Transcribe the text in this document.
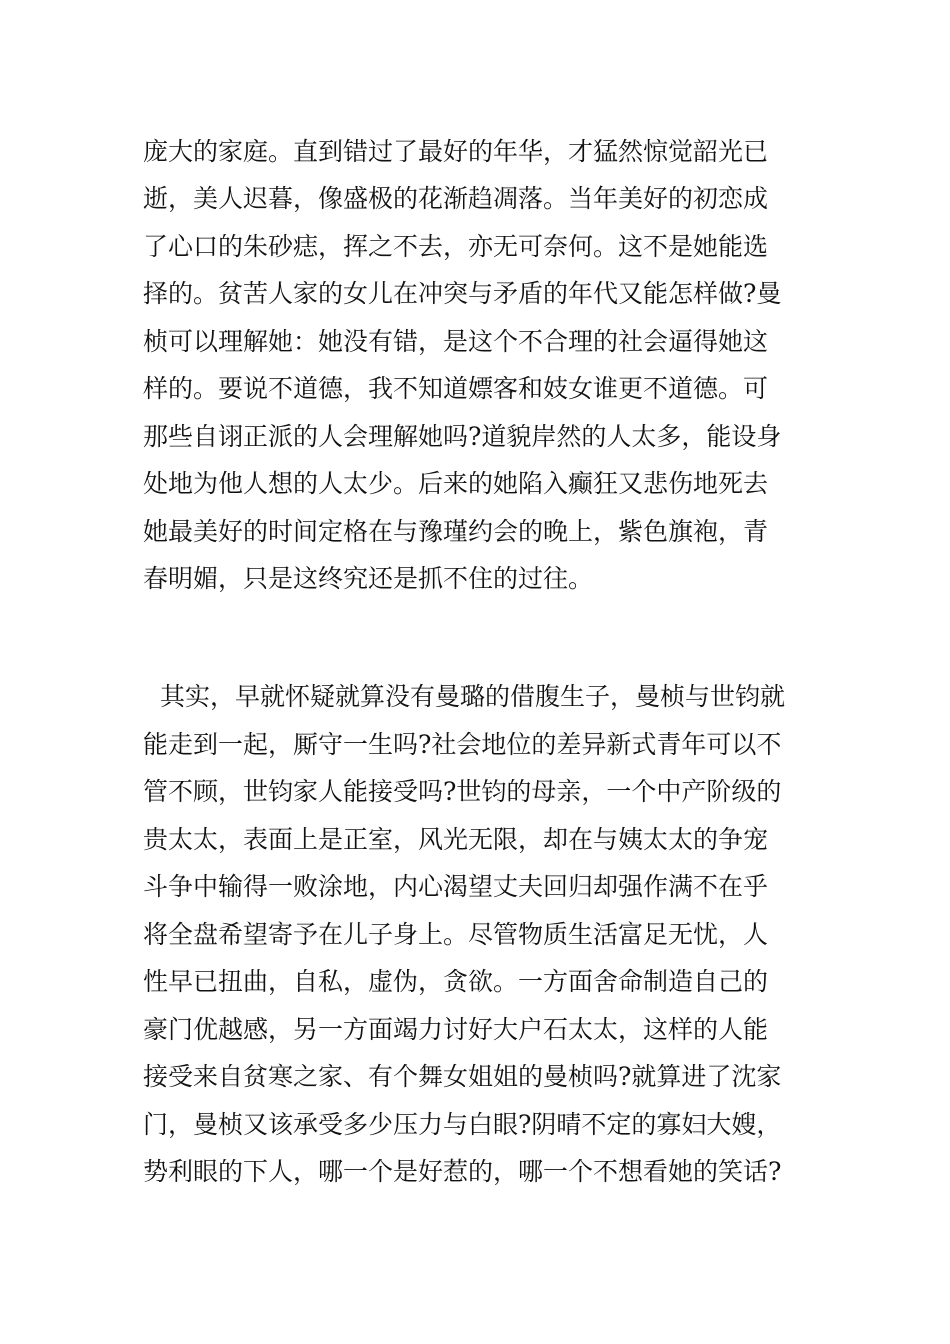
庞大的家庭。直到错过了最好的年华，才猛然惊觉韶光已
逝，美人迟暮，像盛极的花渐趋凋落。当年美好的初恋成
了心口的朱砂痣，挥之不去，亦无可奈何。这不是她能选
择的。贫苦人家的女儿在冲突与矛盾的年代又能怎样做?曼
桢可以理解她：她没有错，是这个不合理的社会逼得她这
样的。要说不道德，我不知道嫖客和妓女谁更不道德。可
那些自诩正派的人会理解她吗?道貌岸然的人太多，能设身
处地为他人想的人太少。后来的她陷入癫狂又悲伤地死去
她最美好的时间定格在与豫瑾约会的晚上，紫色旗袍，青
春明媚，只是这终究还是抓不住的过往。
其实，早就怀疑就算没有曼璐的借腹生子，曼桢与世钧就
能走到一起，厮守一生吗?社会地位的差异新式青年可以不
管不顾，世钧家人能接受吗?世钧的母亲，一个中产阶级的
贵太太，表面上是正室，风光无限，却在与姨太太的争宠
斗争中输得一败涂地，内心渴望丈夫回归却强作满不在乎
将全盘希望寄予在儿子身上。尽管物质生活富足无忧，人
性早已扭曲，自私，虚伪，贪欲。一方面舍命制造自己的
豪门优越感，另一方面竭力讨好大户石太太，这样的人能
接受来自贫寒之家、有个舞女姐姐的曼桢吗?就算进了沈家
门，曼桢又该承受多少压力与白眼?阴晴不定的寡妇大嫂，
势利眼的下人，哪一个是好惹的，哪一个不想看她的笑话?
